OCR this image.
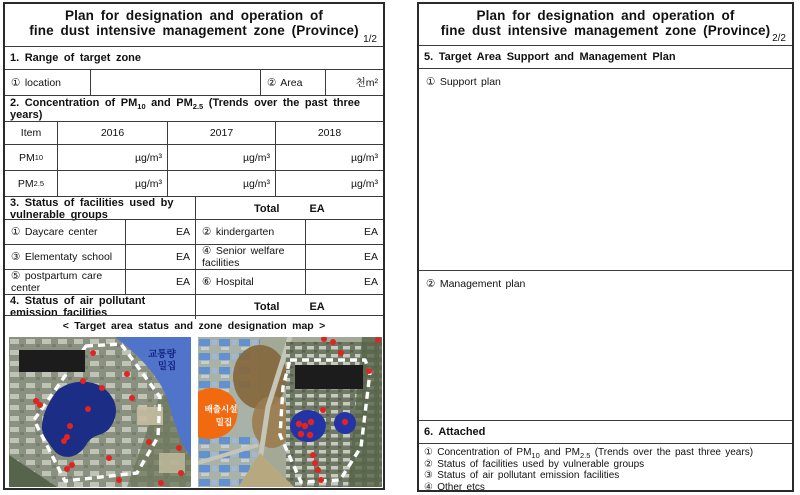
Plan for designation and operation of
fine dust intensive management zone (Province)
1/2
1. Range of target zone
① location	② Area	천m²
2. Concentration of $PM_{10}$ and $PM_{2.5}$ (Trends over the past three years)
Item	2016	2017	2018
PM 10	µg/m³	µg/m³	µg/m³
PM 2.5	µg/m³	µg/m³	µg/m³
3. Status of facilities used by vulnerable groups	Total	EA
① Daycare center	EA	② kindergarten	EA
③ Elementaty school	EA	④ Senior welfare facilities	EA
⑤ postpartum care center	EA	⑥ Hospital	EA
4. Status of air pollutant emission facilities	Total	EA
< Target area status and zone designation map >
교통량
밀집
배출시설
밀집
Plan for designation and operation of
fine dust intensive management zone (Province)
2/2
5. Target Area Support and Management Plan
① Support plan
② Management plan
6. Attached
① Concentration of $PM_{10}$ and $PM_{2.5}$ (Trends over the past three years)
② Status of facilities used by vulnerable groups
③ Status of air pollutant emission facilities
④ Other etcs
